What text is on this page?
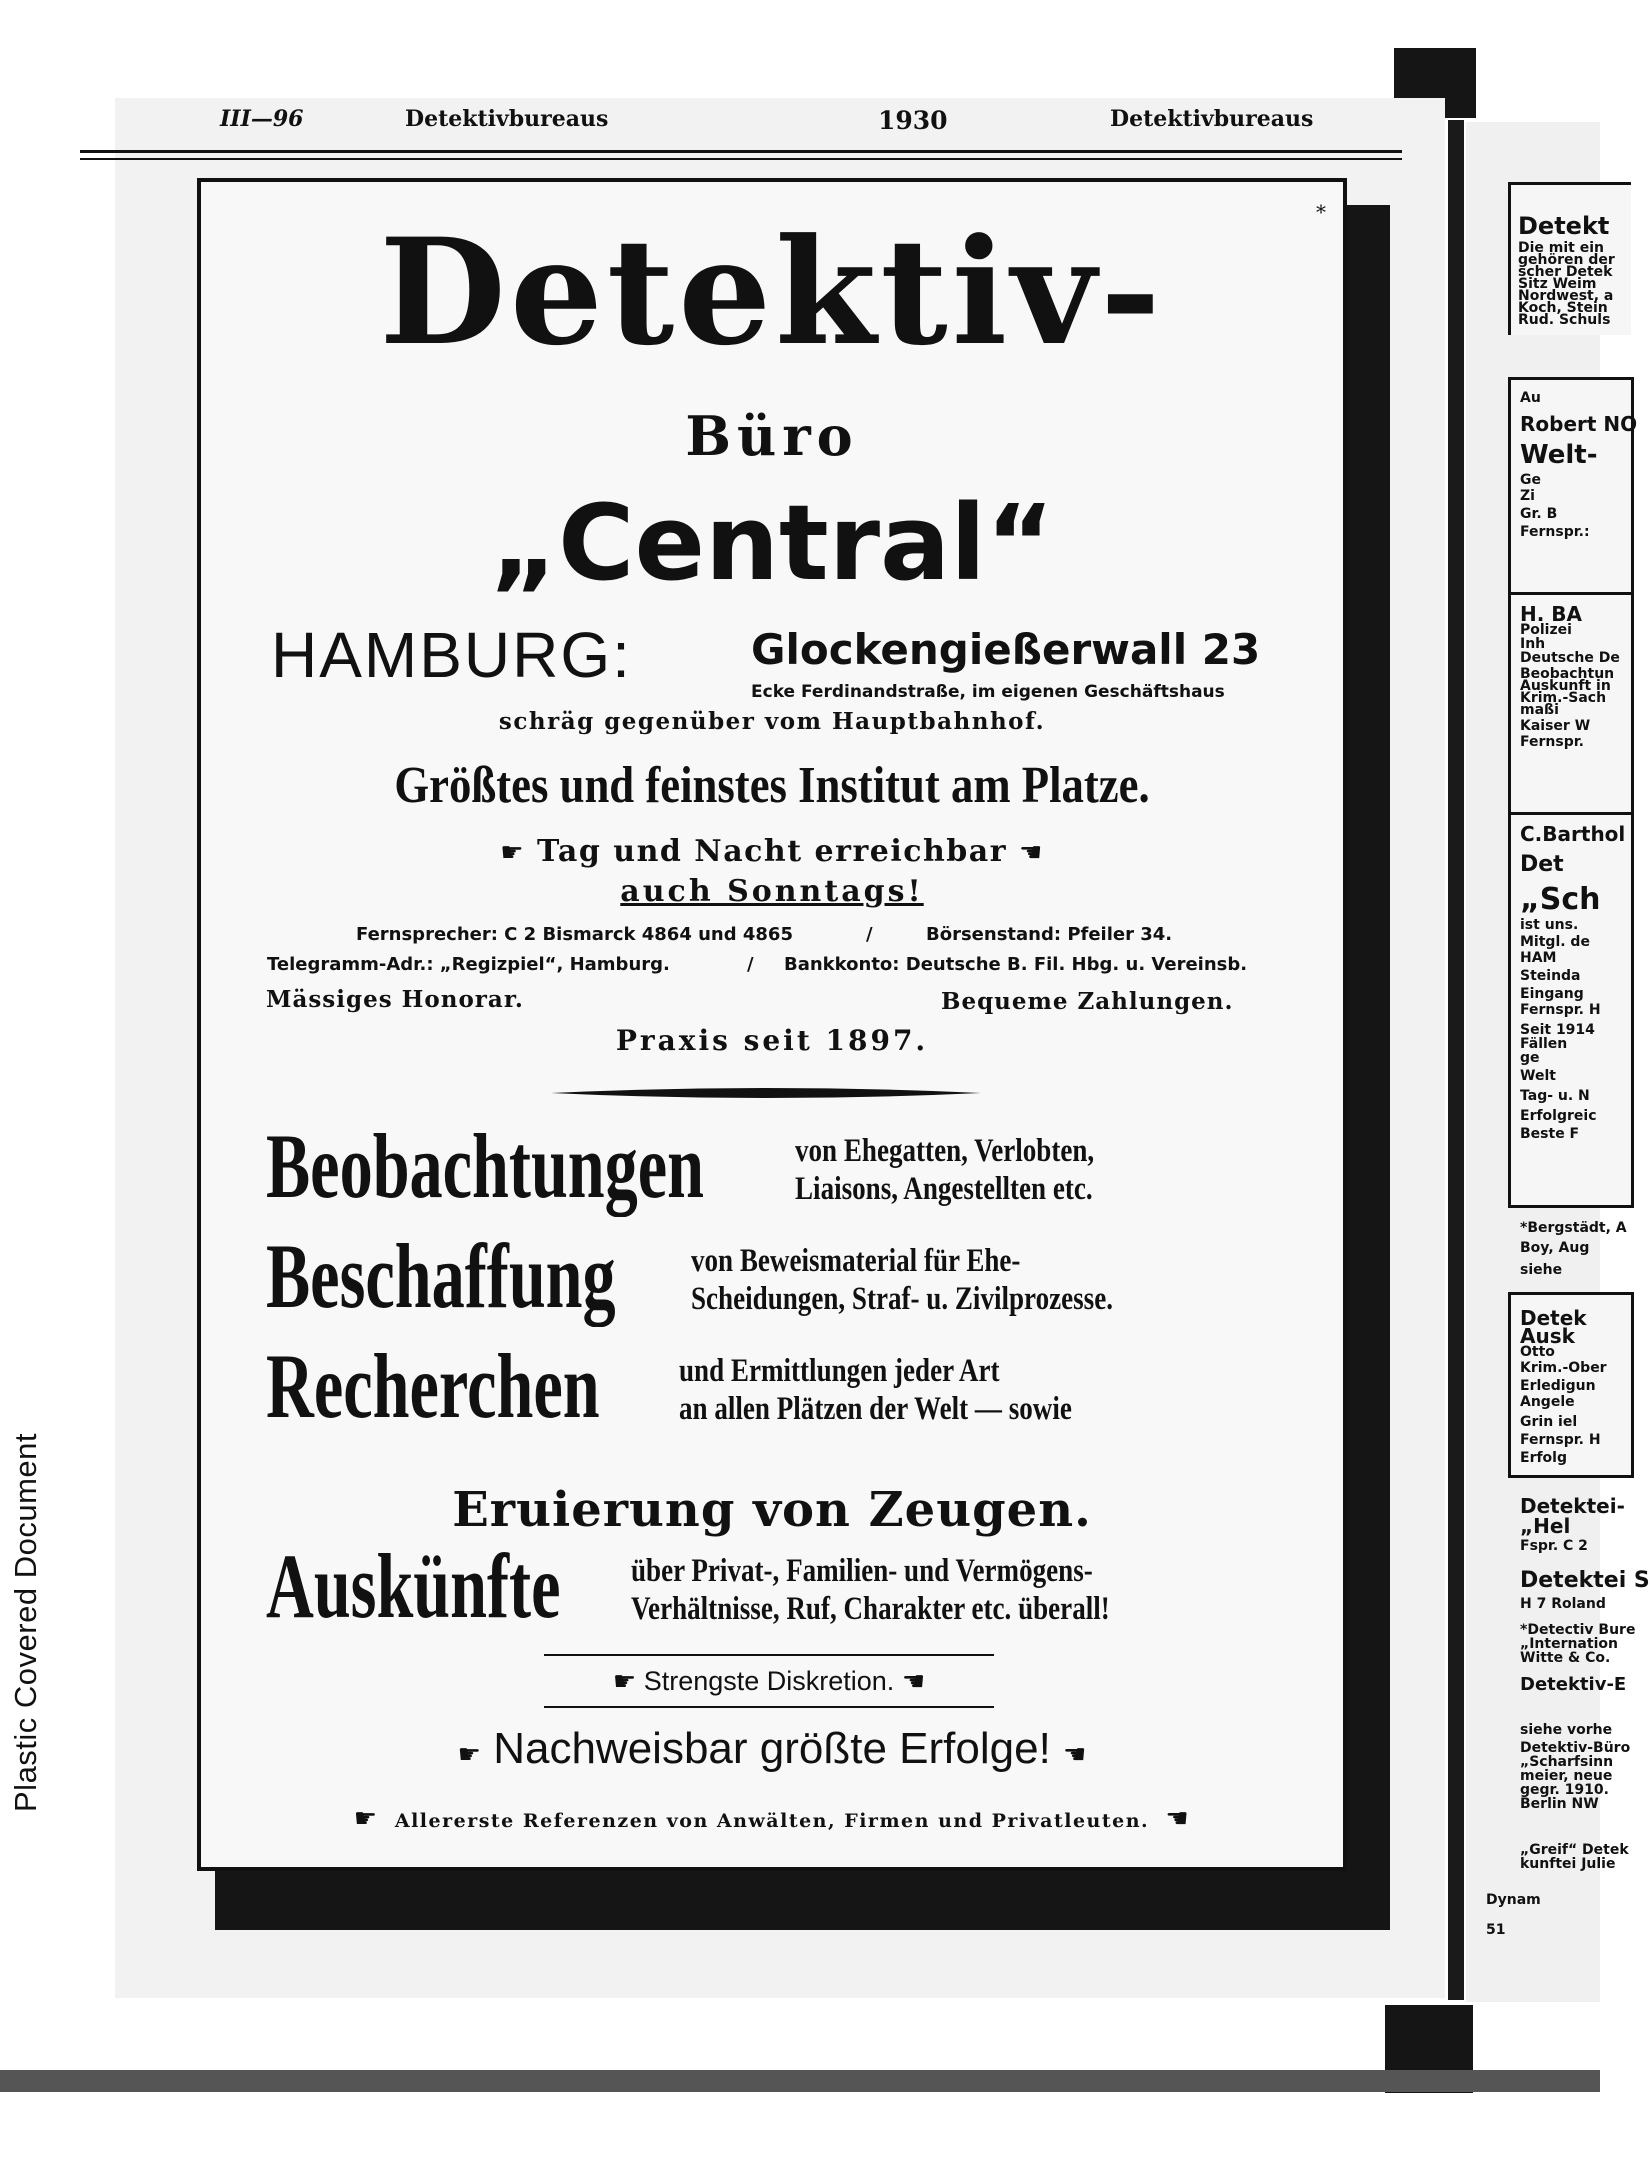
Plastic Covered Document
III—96	Detektivbureaus	1930	Detektivbureaus
*
Detektiv-
Büro
„Central“
HAMBURG:	Glockengießerwall 23
Ecke Ferdinandstraße, im eigenen Geschäftshaus
schräg gegenüber vom Hauptbahnhof.
Größtes und feinstes Institut am Platze.
☛ Tag und Nacht erreichbar ☚
auch Sonntags!
Fernsprecher: C 2 Bismarck 4864 und 4865	/	Börsenstand: Pfeiler 34.
Telegramm-Adr.: „Regizpiel“, Hamburg.	/ Bankkonto: Deutsche B. Fil. Hbg. u. Vereinsb.
Mässiges Honorar.	Bequeme Zahlungen.
Praxis seit 1897.
Beobachtungen	von Ehegatten, Verlobten,
Liaisons, Angestellten etc.
Beschaffung von Beweismaterial für Ehe-
Scheidungen, Straf- u. Zivilprozesse.
Recherchen und Ermittlungen jeder Art
an allen Plätzen der Welt — sowie
Eruierung von Zeugen.
Auskünfte über Privat-, Familien- und Vermögens-
Verhältnisse, Ruf, Charakter etc. überall!
☛ Strengste Diskretion. ☚
☛ Nachweisbar größte Erfolge! ☚
☛ Allererste Referenzen von Anwälten, Firmen und Privatleuten. ☚
Detekt
Die mit ein
gehören der
scher Detek
Sitz Weim
Nordwest, a
Koch, Stein
Rud. Schuls
Au
Robert NO
Welt-
Ge
Zi
Gr. B
Fernspr.:
H. BA
Polizei
Inh
Deutsche De
Beobachtun
Auskunft in
Krim.-Sach
maßi
Kaiser W
Fernspr.
C.Barthol
Det
„Sch
ist uns.
Mitgl. de
HAM
Steinda
Eingang
Fernspr. H
Seit 1914
Fällen
ge
Welt
Tag- u. N
Erfolgreic
Beste F
*Bergstädt, A
Boy, Aug
siehe
Detek
Ausk
Otto
Krim.-Ober
Erledigun
Angele
Grin iel
Fernspr. H
Erfolg
Detektei-
„Hel
Fspr. C 2
Detektei S
H 7 Roland
*Detectiv Bure
„Internation
Witte & Co.
Detektiv-E
siehe vorhe
Detektiv-Büro
„Scharfsinn
meier, neue
gegr. 1910.
Berlin NW
„Greif“ Detek
kunftei Julie
Dynam
51
